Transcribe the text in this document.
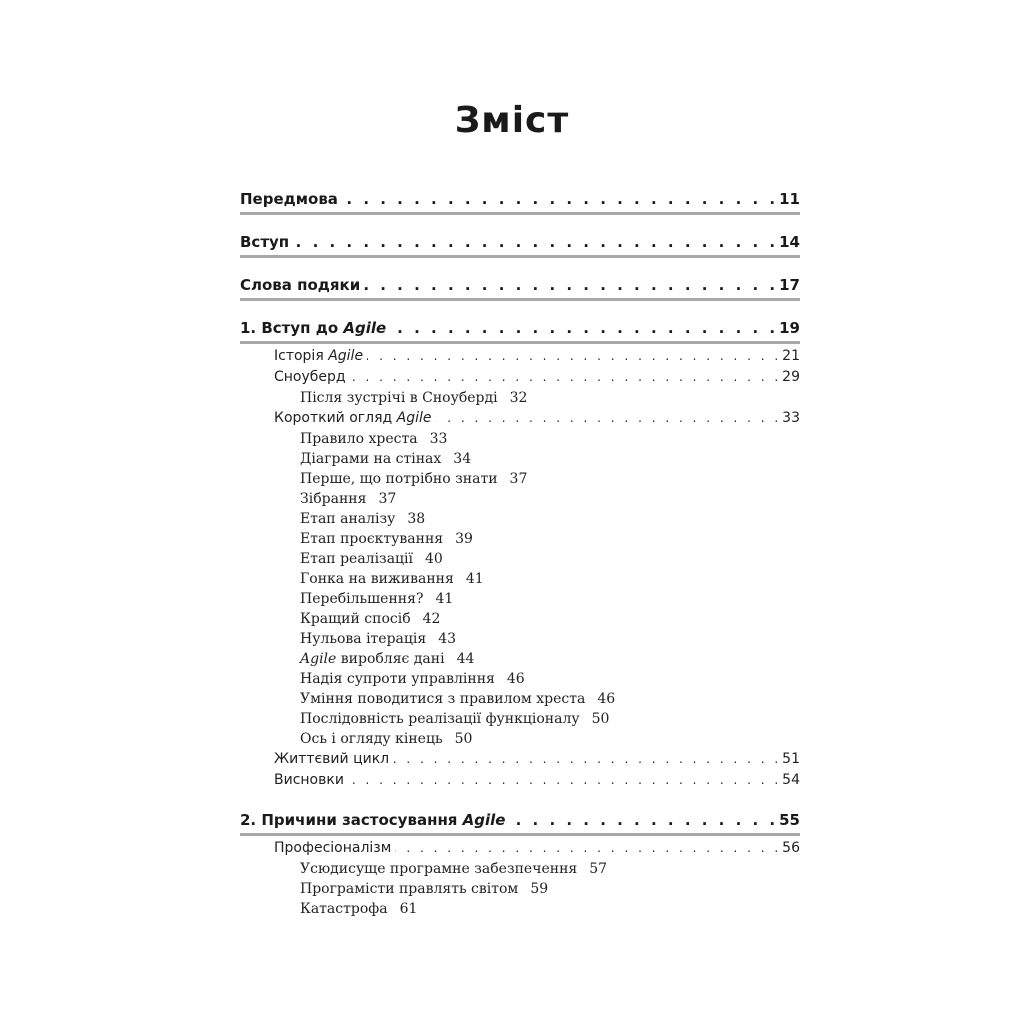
Зміст
Передмова . . .	11
Вступ . . .	14
Слова подяки . . .	17
1. Вступ до Agile . . .	19
Історія Agile . . .	21
Сноуберд . . .	29
Після зустрічі в Сноуберді 32
Короткий огляд Agile . . .	33
Правило хреста 33
Діаграми на стінах 34
Перше, що потрібно знати 37
Зібрання 37
Етап аналізу 38
Етап проєктування 39
Етап реалізації 40
Гонка на виживання 41
Перебільшення? 41
Кращий спосіб 42
Нульова ітерація 43
Agile виробляє дані 44
Надія супроти управління 46
Уміння поводитися з правилом хреста 46
Послідовність реалізації функціоналу 50
Ось і огляду кінець 50
Життєвий цикл . . .	51
Висновки . . .	54
2. Причини застосування Agile . . .	55
Професіоналізм . . .	56
Усюдисуще програмне забезпечення 57
Програмісти правлять світом 59
Катастрофа 61
